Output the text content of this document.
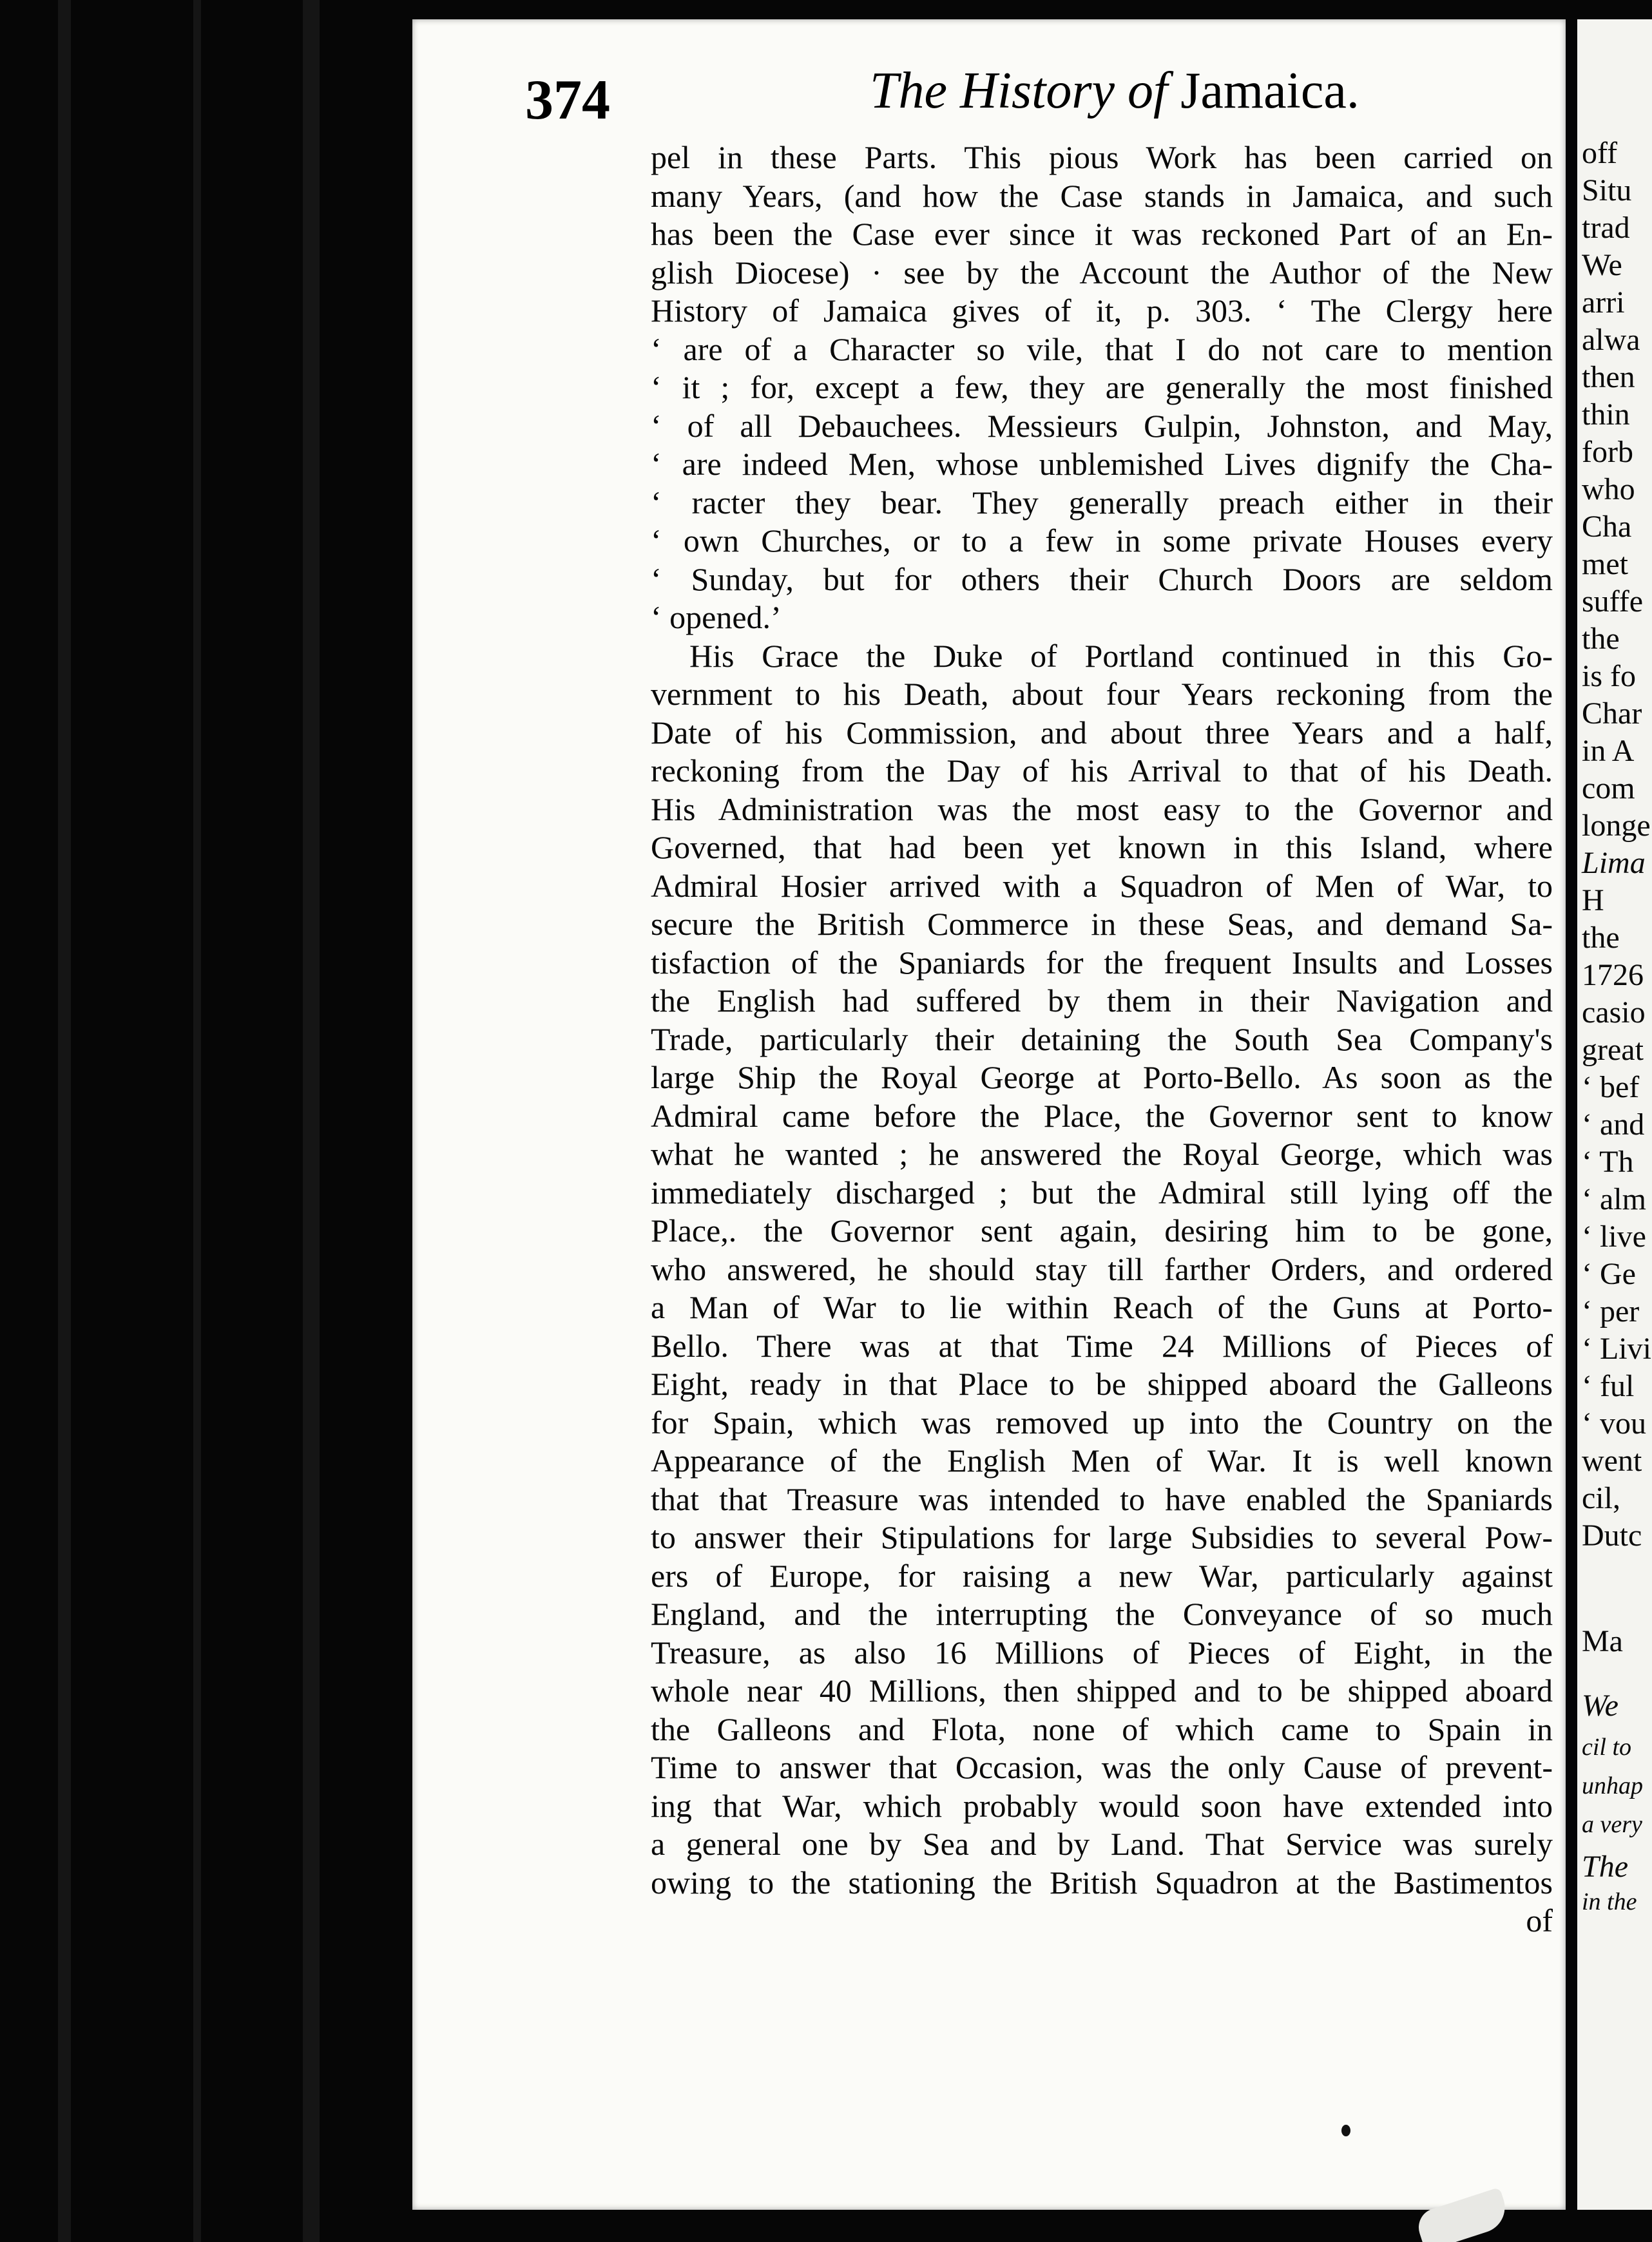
374	The History of Jamaica.
pel in these Parts. This pious Work has been carried on
many Years, (and how the Case stands in Jamaica, and such
has been the Case ever since it was reckoned Part of an En-
glish Diocese) · see by the Account the Author of the New
History of Jamaica gives of it, p. 303. ‘ The Clergy here
‘ are of a Character so vile, that I do not care to mention
‘ it ; for, except a few, they are generally the most finished
‘ of all Debauchees. Messieurs Gulpin, Johnston, and May,
‘ are indeed Men, whose unblemished Lives dignify the Cha-
‘ racter they bear. They generally preach either in their
‘ own Churches, or to a few in some private Houses every
‘ Sunday, but for others their Church Doors are seldom
‘ opened.’
His Grace the Duke of Portland continued in this Go-
vernment to his Death, about four Years reckoning from the
Date of his Commission, and about three Years and a half,
reckoning from the Day of his Arrival to that of his Death.
His Administration was the most easy to the Governor and
Governed, that had been yet known in this Island, where
Admiral Hosier arrived with a Squadron of Men of War, to
secure the British Commerce in these Seas, and demand Sa-
tisfaction of the Spaniards for the frequent Insults and Losses
the English had suffered by them in their Navigation and
Trade, particularly their detaining the South Sea Company's
large Ship the Royal George at Porto-Bello. As soon as the
Admiral came before the Place, the Governor sent to know
what he wanted ; he answered the Royal George, which was
immediately discharged ; but the Admiral still lying off the
Place,. the Governor sent again, desiring him to be gone,
who answered, he should stay till farther Orders, and ordered
a Man of War to lie within Reach of the Guns at Porto-
Bello. There was at that Time 24 Millions of Pieces of
Eight, ready in that Place to be shipped aboard the Galleons
for Spain, which was removed up into the Country on the
Appearance of the English Men of War. It is well known
that that Treasure was intended to have enabled the Spaniards
to answer their Stipulations for large Subsidies to several Pow-
ers of Europe, for raising a new War, particularly against
England, and the interrupting the Conveyance of so much
Treasure, as also 16 Millions of Pieces of Eight, in the
whole near 40 Millions, then shipped and to be shipped aboard
the Galleons and Flota, none of which came to Spain in
Time to answer that Occasion, was the only Cause of prevent-
ing that War, which probably would soon have extended into
a general one by Sea and by Land. That Service was surely
owing to the stationing the British Squadron at the Bastimentos
of
off
Situ
trad
We
arri
alwa
then
thin
forb
who
Cha
met
suffe
the
is fo
Char
in A
com
longe
Lima
H
the
1726
casio
great
‘ bef
‘ and
‘ Th
‘ alm
‘ live
‘ Ge
‘ per
‘ Livi
‘ ful
‘ vou
went
cil,
Dutc
Ma
We
cil to
unhap
a very
The
in the
